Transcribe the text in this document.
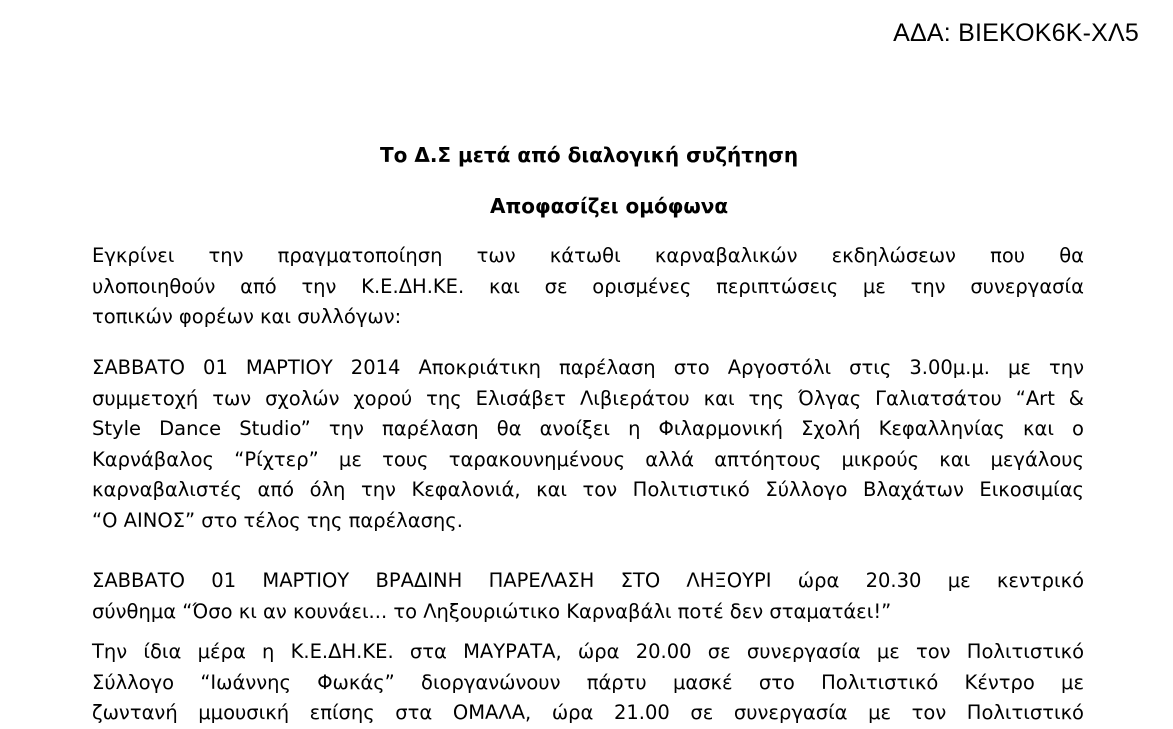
ΑΔΑ: ΒΙΕΚΟΚ6Κ-ΧΛ5
Το Δ.Σ μετά από διαλογική συζήτηση
Αποφασίζει ομόφωνα
Εγκρίνει την πραγματοποίηση των κάτωθι καρναβαλικών εκδηλώσεων που θα
υλοποιηθούν από την Κ.Ε.ΔΗ.ΚΕ. και σε ορισμένες περιπτώσεις με την συνεργασία
τοπικών φορέων και συλλόγων:
ΣΑΒΒΑΤΟ 01 ΜΑΡΤΙΟΥ 2014 Αποκριάτικη παρέλαση στο Αργοστόλι στις 3.00μ.μ. με την
συμμετοχή των σχολών χορού της Ελισάβετ Λιβιεράτου και της Όλγας Γαλιατσάτου “Art &
Style Dance Studio” την παρέλαση θα ανοίξει η Φιλαρμονική Σχολή Κεφαλληνίας και ο
Καρνάβαλος “Ρίχτερ” με τους ταρακουνημένους αλλά απτόητους μικρούς και μεγάλους
καρναβαλιστές από όλη την Κεφαλονιά, και τον Πολιτιστικό Σύλλογο Βλαχάτων Εικοσιμίας
“Ο ΑΙΝΟΣ” στο τέλος της παρέλασης.
ΣΑΒΒΑΤΟ 01 ΜΑΡΤΙΟΥ ΒΡΑΔΙΝΗ ΠΑΡΕΛΑΣΗ ΣΤΟ ΛΗΞΟΥΡΙ ώρα 20.30 με κεντρικό
σύνθημα “Όσο κι αν κουνάει... το Ληξουριώτικο Καρναβάλι ποτέ δεν σταματάει!”
Την ίδια μέρα η Κ.Ε.ΔΗ.ΚΕ. στα ΜΑΥΡΑΤΑ, ώρα 20.00 σε συνεργασία με τον Πολιτιστικό
Σύλλογο “Ιωάννης Φωκάς” διοργανώνουν πάρτυ μασκέ στο Πολιτιστικό Κέντρο με
ζωντανή μμουσική επίσης στα ΟΜΑΛΑ, ώρα 21.00 σε συνεργασία με τον Πολιτιστικό
